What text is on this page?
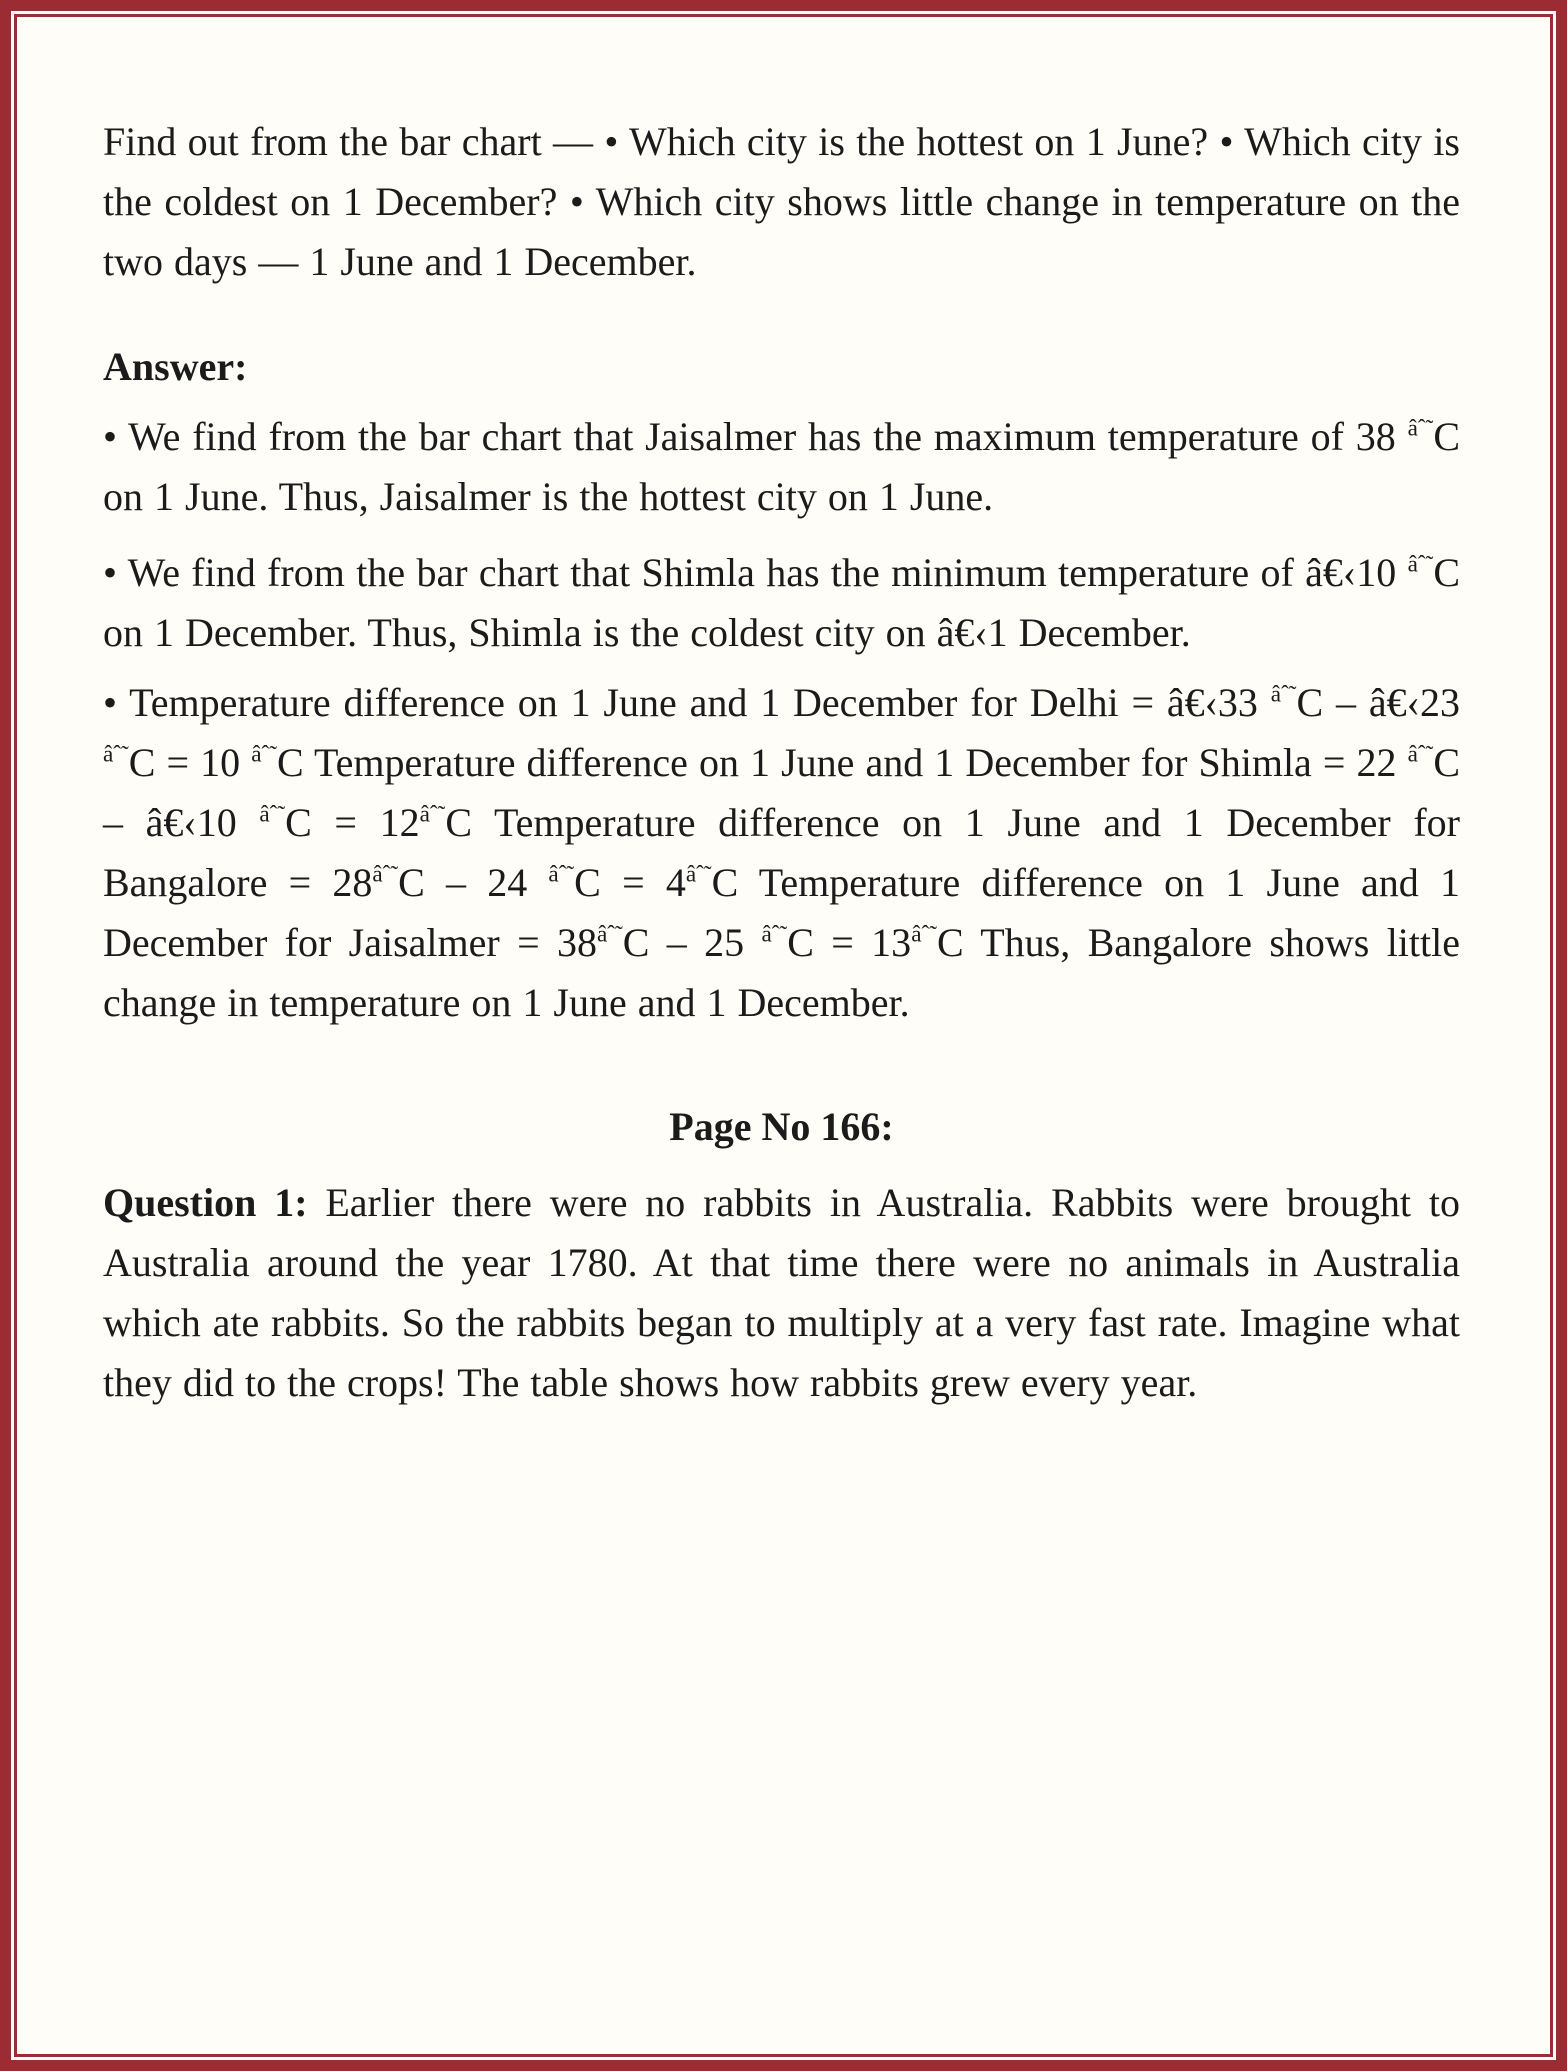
Find out from the bar chart — • Which city is the hottest on 1 June? • Which city is the coldest on 1 December? • Which city shows little change in temperature on the two days — 1 June and 1 December.

Answer:

• We find from the bar chart that Jaisalmer has the maximum temperature of 38 $^{âˆ˜}$C on 1 June. Thus, Jaisalmer is the hottest city on 1 June.

• We find from the bar chart that Shimla has the minimum temperature of â€‹10 $^{âˆ˜}$C on 1 December. Thus, Shimla is the coldest city on â€‹1 December.

• Temperature difference on 1 June and 1 December for Delhi = â€‹33 $^{âˆ˜}$C – â€‹23 $^{âˆ˜}$C = 10 $^{âˆ˜}$C Temperature difference on 1 June and 1 December for Shimla = 22 $^{âˆ˜}$C – â€‹10 $^{âˆ˜}C = 12^{âˆ˜}C$ Temperature difference on 1 June and 1 December for Bangalore = $28^{âˆ˜}C - 24$ $^{âˆ˜}C = 4^{âˆ˜}C$ Temperature difference on 1 June and 1 December for Jaisalmer = $38^{âˆ˜}C - 25$ $^{âˆ˜}C = 13^{âˆ˜}C$ Thus, Bangalore shows little change in temperature on 1 June and 1 December.

Page No 166:

Question 1: Earlier there were no rabbits in Australia. Rabbits were brought to Australia around the year 1780. At that time there were no animals in Australia which ate rabbits. So the rabbits began to multiply at a very fast rate. Imagine what they did to the crops! The table shows how rabbits grew every year.
